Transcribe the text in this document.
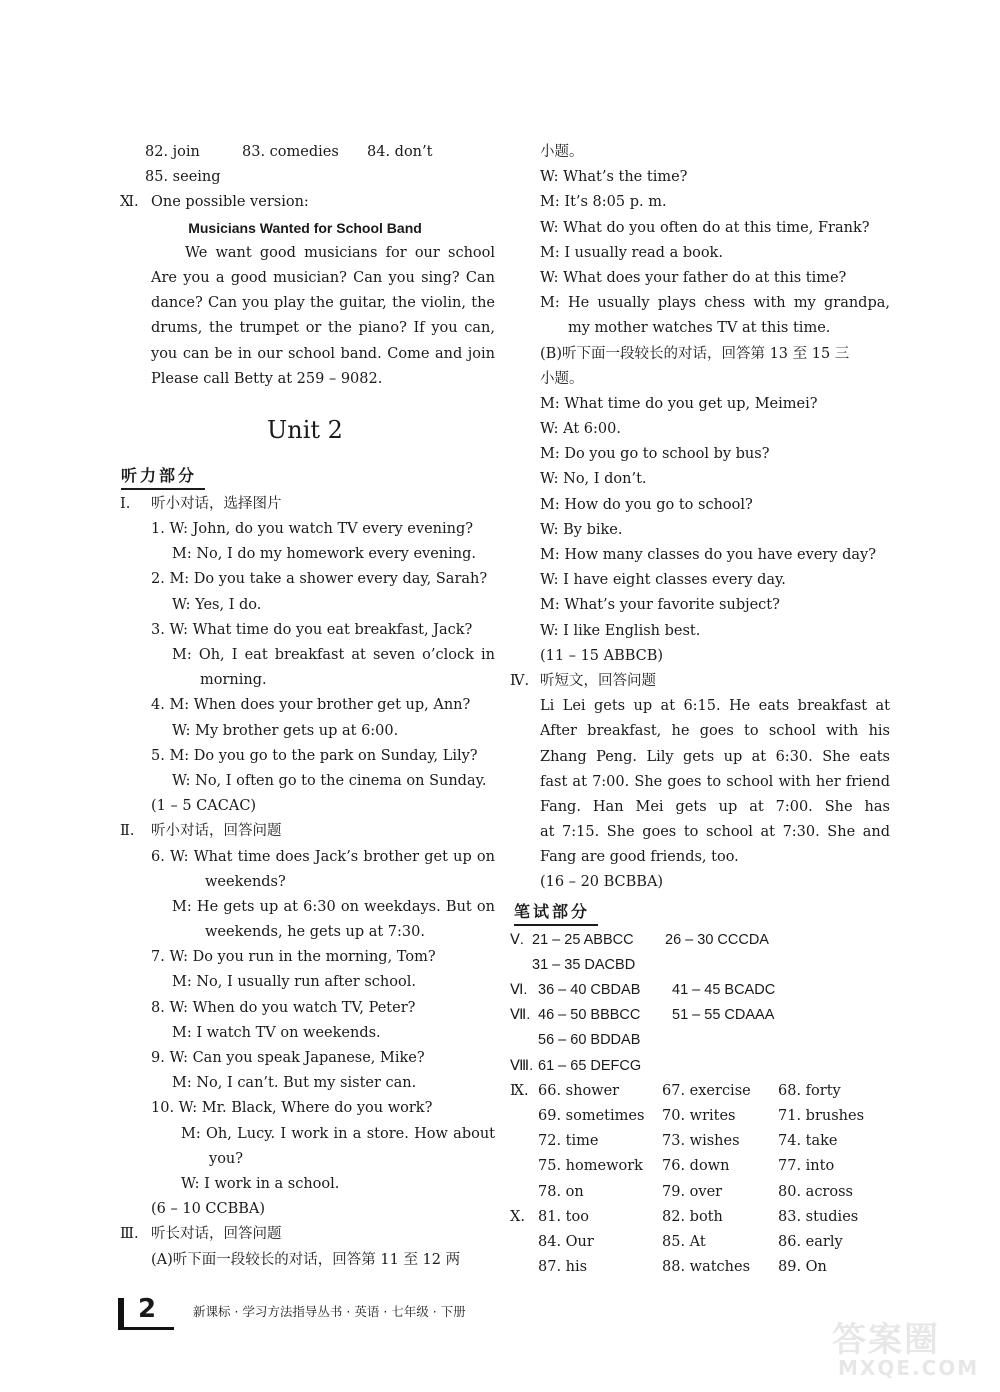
82. join	83. comedies 84. don’t
85. seeing
Ⅺ. One possible version:
Musicians Wanted for School Band
We want good musicians for our school
Are you a good musician? Can you sing? Can
dance? Can you play the guitar, the violin, the
drums, the trumpet or the piano? If you can,
you can be in our school band. Come and join
Please call Betty at 259 – 9082.
Unit 2
听力部分
Ⅰ. 听小对话，选择图片
1. W: John, do you watch TV every evening?
M: No, I do my homework every evening.
2. M: Do you take a shower every day, Sarah?
W: Yes, I do.
3. W: What time do you eat breakfast, Jack?
M: Oh, I eat breakfast at seven o’clock in
morning.
4. M: When does your brother get up, Ann?
W: My brother gets up at 6:00.
5. M: Do you go to the park on Sunday, Lily?
W: No, I often go to the cinema on Sunday.
(1 – 5 CACAC)
Ⅱ. 听小对话，回答问题
6. W: What time does Jack’s brother get up on
weekends?
M: He gets up at 6:30 on weekdays. But on
weekends, he gets up at 7:30.
7. W: Do you run in the morning, Tom?
M: No, I usually run after school.
8. W: When do you watch TV, Peter?
M: I watch TV on weekends.
9. W: Can you speak Japanese, Mike?
M: No, I can’t. But my sister can.
10. W: Mr. Black, Where do you work?
M: Oh, Lucy. I work in a store. How about
you?
W: I work in a school.
(6 – 10 CCBBA)
Ⅲ. 听长对话，回答问题
(A)听下面一段较长的对话，回答第 11 至 12 两
小题。
W: What’s the time?
M: It’s 8:05 p. m.
W: What do you often do at this time, Frank?
M: I usually read a book.
W: What does your father do at this time?
M: He usually plays chess with my grandpa,
my mother watches TV at this time.
(B)听下面一段较长的对话，回答第 13 至 15 三
小题。
M: What time do you get up, Meimei?
W: At 6:00.
M: Do you go to school by bus?
W: No, I don’t.
M: How do you go to school?
W: By bike.
M: How many classes do you have every day?
W: I have eight classes every day.
M: What’s your favorite subject?
W: I like English best.
(11 – 15 ABBCB)
Ⅳ. 听短文，回答问题
Li Lei gets up at 6:15. He eats breakfast at
After breakfast, he goes to school with his
Zhang Peng. Lily gets up at 6:30. She eats
fast at 7:00. She goes to school with her friend
Fang. Han Mei gets up at 7:00. She has
at 7:15. She goes to school at 7:30. She and
Fang are good friends, too.
(16 – 20 BCBBA)
笔试部分
Ⅴ. 21 – 25 ABBCC 26 – 30 CCCDA
31 – 35 DACBD
Ⅵ. 36 – 40 CBDAB 41 – 45 BCADC
Ⅶ. 46 – 50 BBBCC 51 – 55 CDAAA
56 – 60 BDDAB
Ⅷ. 61 – 65 DEFCG
Ⅸ. 66. shower	67. exercise 68. forty
69. sometimes 70. writes	71. brushes
72. time	73. wishes	74. take
75. homework 76. down	77. into
78. on	79. over	80. across
Ⅹ. 81. too	82. both	83. studies
84. Our	85. At	86. early
87. his	88. watches 89. On
2	新课标 · 学习方法指导丛书 · 英语 · 七年级 · 下册
答案圈
MXQE.COM
